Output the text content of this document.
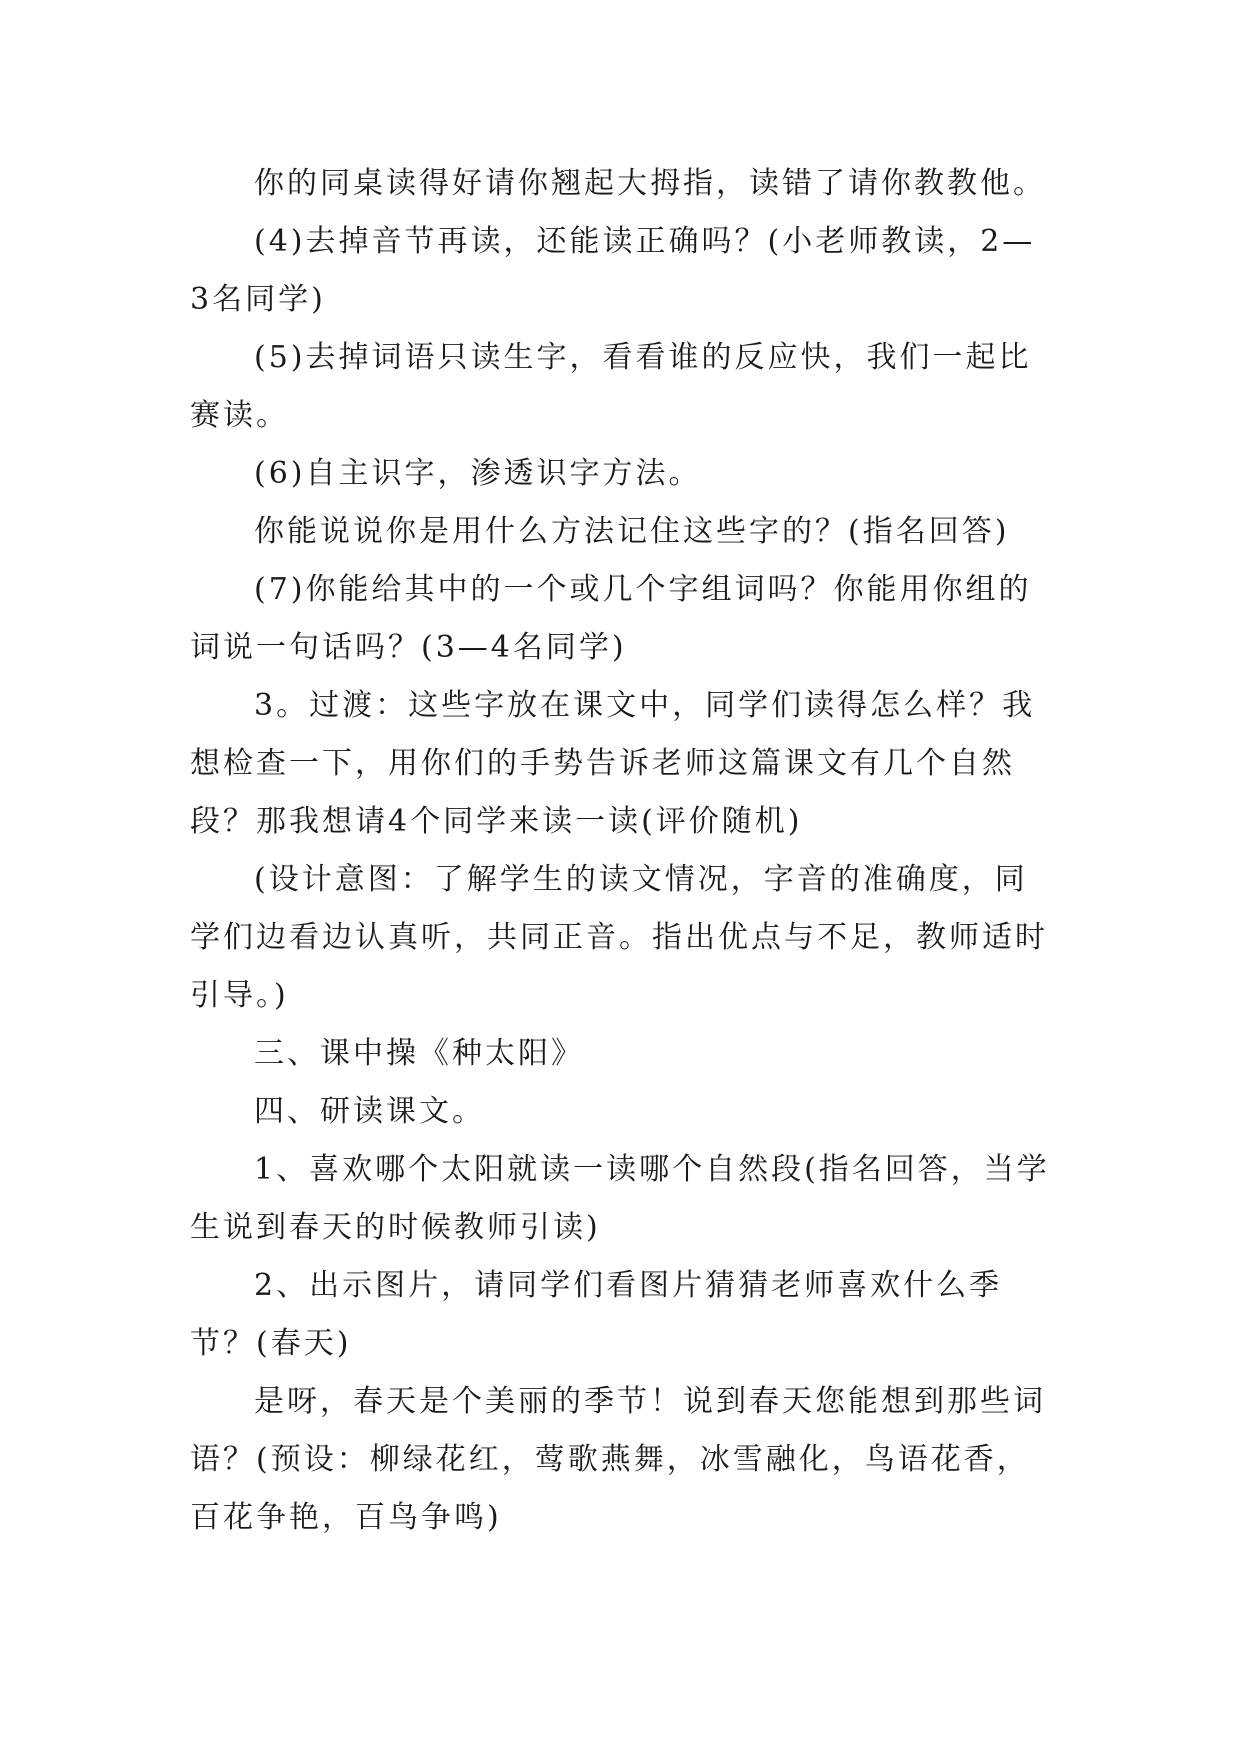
你的同桌读得好请你翘起大拇指，读错了请你教教他。

(4)去掉音节再读，还能读正确吗？(小老师教读，2—3名同学)

(5)去掉词语只读生字，看看谁的反应快，我们一起比赛读。

(6)自主识字，渗透识字方法。

你能说说你是用什么方法记住这些字的？(指名回答)

(7)你能给其中的一个或几个字组词吗？你能用你组的词说一句话吗？(3—4名同学)

3。过渡：这些字放在课文中，同学们读得怎么样？我想检查一下，用你们的手势告诉老师这篇课文有几个自然段？那我想请4个同学来读一读(评价随机)

(设计意图：了解学生的读文情况，字音的准确度，同学们边看边认真听，共同正音。指出优点与不足，教师适时引导。)

三、课中操《种太阳》

四、研读课文。

1、喜欢哪个太阳就读一读哪个自然段(指名回答，当学生说到春天的时候教师引读)

2、出示图片，请同学们看图片猜猜老师喜欢什么季节？(春天)

是呀，春天是个美丽的季节！说到春天您能想到那些词语？(预设：柳绿花红，莺歌燕舞，冰雪融化，鸟语花香，百花争艳，百鸟争鸣)
